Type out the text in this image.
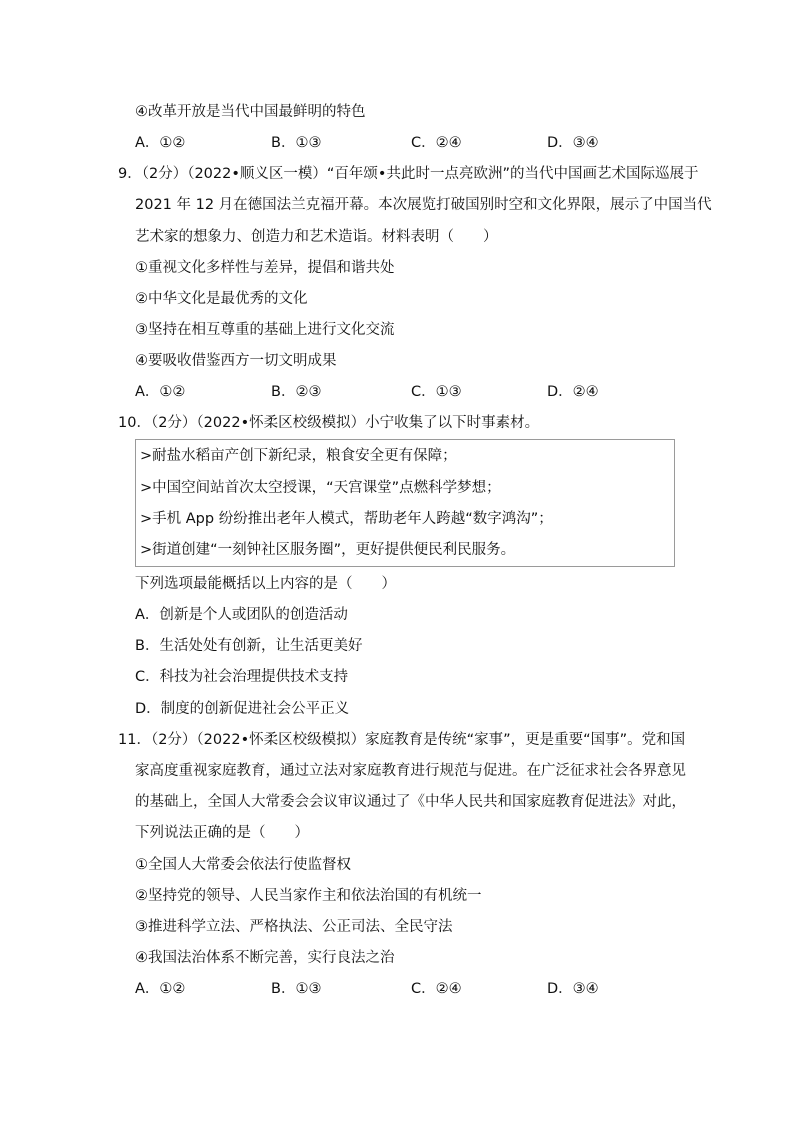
④改革开放是当代中国最鲜明的特色
A．①②	B．①③	C．②④	D．③④
9．（2分）（2022•顺义区一模）“百年颂•共此时一点亮欧洲”的当代中国画艺术国际巡展于
2021 年 12 月在德国法兰克福开幕。本次展览打破国别时空和文化界限，展示了中国当代
艺术家的想象力、创造力和艺术造诣。材料表明（　　）
①重视文化多样性与差异，提倡和谐共处
②中华文化是最优秀的文化
③坚持在相互尊重的基础上进行文化交流
④要吸收借鉴西方一切文明成果
A．①②	B．②③	C．①③	D．②④
10．（2分）（2022•怀柔区校级模拟）小宁收集了以下时事素材。
>耐盐水稻亩产创下新纪录，粮食安全更有保障；
>中国空间站首次太空授课，“天宫课堂”点燃科学梦想；
>手机 App 纷纷推出老年人模式，帮助老年人跨越“数字鸿沟”；
>街道创建“一刻钟社区服务圈”，更好提供便民利民服务。
下列选项最能概括以上内容的是（　　）
A．创新是个人或团队的创造活动
B．生活处处有创新，让生活更美好
C．科技为社会治理提供技术支持
D．制度的创新促进社会公平正义
11．（2分）（2022•怀柔区校级模拟）家庭教育是传统“家事”，更是重要“国事”。党和国
家高度重视家庭教育，通过立法对家庭教育进行规范与促进。在广泛征求社会各界意见
的基础上，全国人大常委会会议审议通过了《中华人民共和国家庭教育促进法》对此，
下列说法正确的是（　　）
①全国人大常委会依法行使监督权
②坚持党的领导、人民当家作主和依法治国的有机统一
③推进科学立法、严格执法、公正司法、全民守法
④我国法治体系不断完善，实行良法之治
A．①②	B．①③	C．②④	D．③④
